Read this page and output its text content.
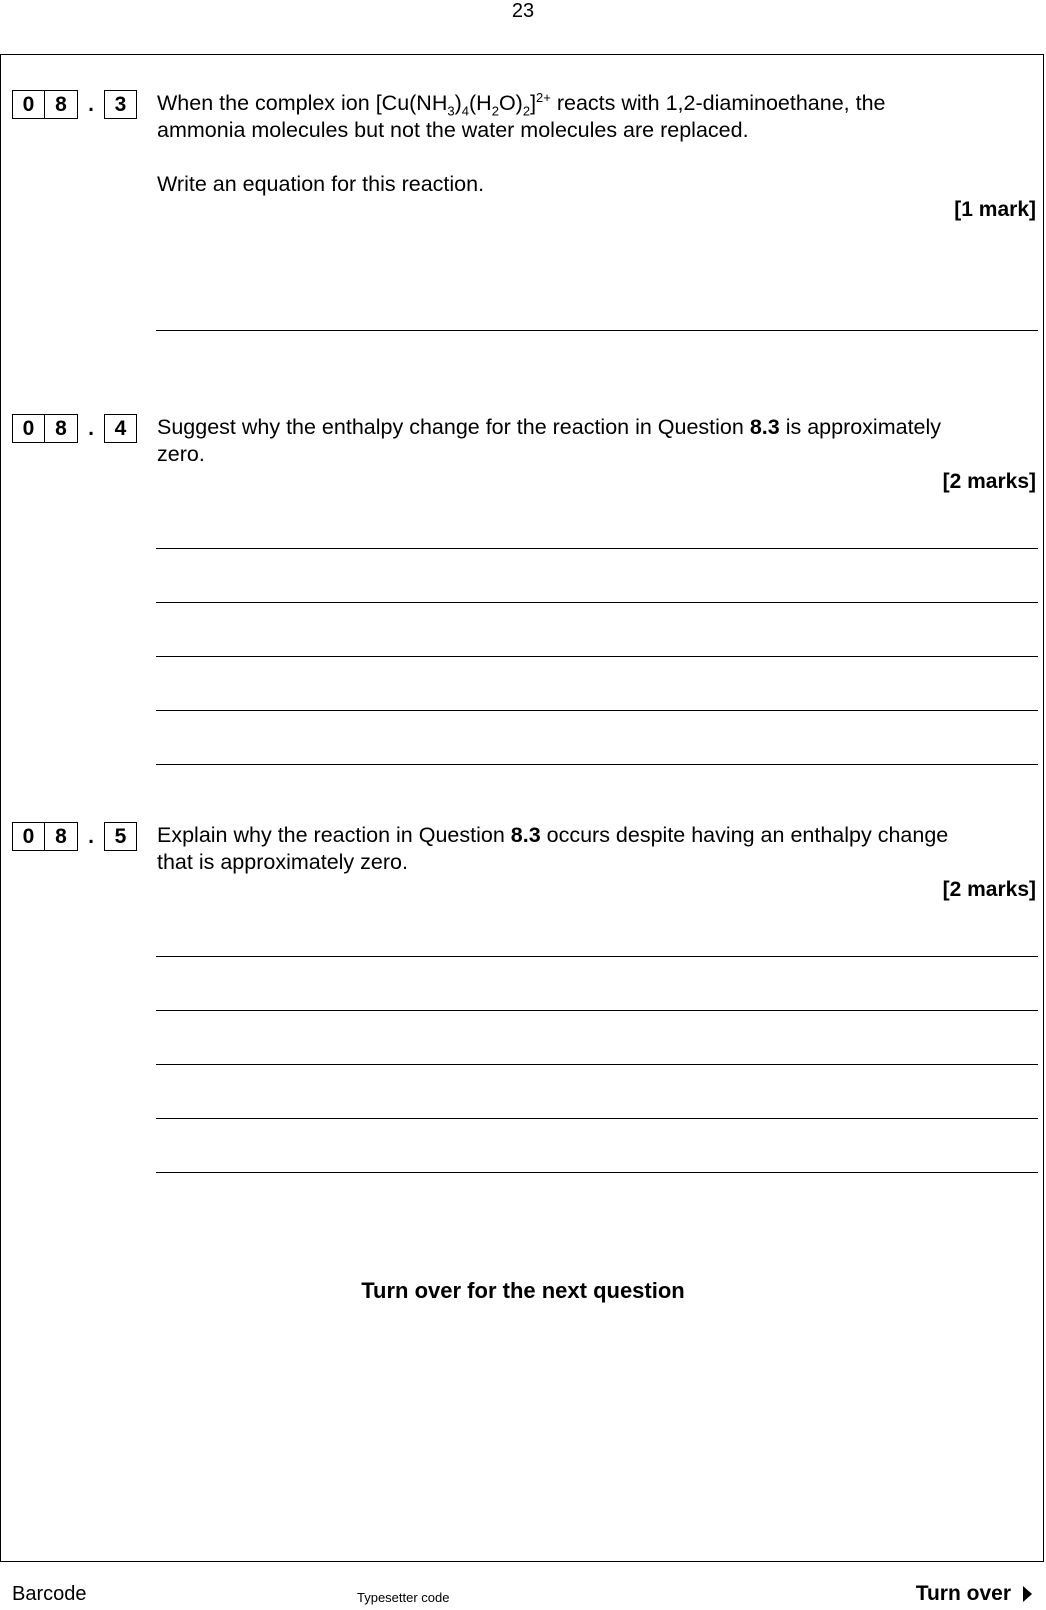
23
0 8	. 3	When the complex ion $[Cu(NH_3)_4(H_2O)_2]^{2+}$ reacts with 1,2-diaminoethane, the
ammonia molecules but not the water molecules are replaced.
Write an equation for this reaction.
[1 mark]
0 8	. 4	Suggest why the enthalpy change for the reaction in Question 8.3 is approximately
zero.
[2 marks]
0 8	. 5	Explain why the reaction in Question 8.3 occurs despite having an enthalpy change
that is approximately zero.
[2 marks]
Turn over for the next question
Barcode	Typesetter code	Turn over
